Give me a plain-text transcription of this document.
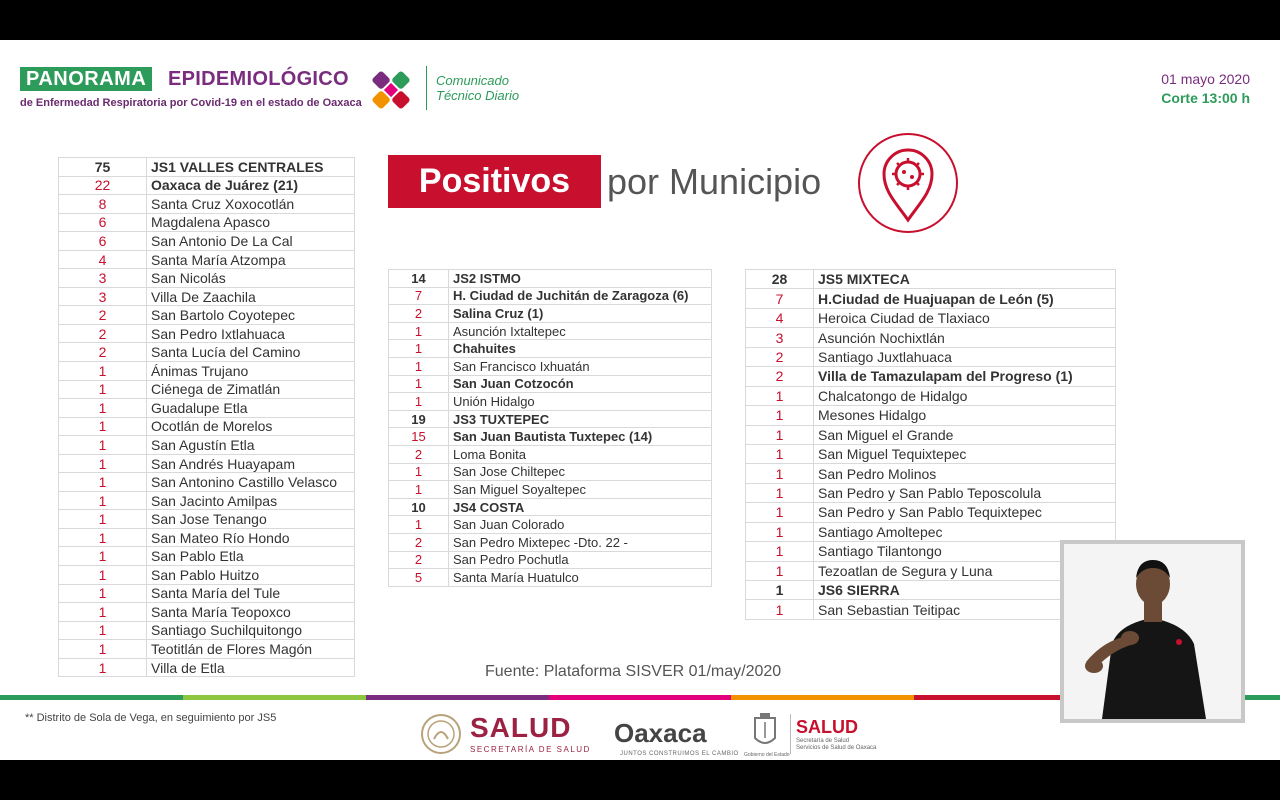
PANORAMA	EPIDEMIOLÓGICO
de Enfermedad Respiratoria por Covid-19 en el estado de Oaxaca
Comunicado
Técnico Diario
01 mayo 2020
Corte 13:00 h
Positivos	por Municipio
75	JS1 VALLES CENTRALES
22	Oaxaca de Juárez (21)
8	Santa Cruz Xoxocotlán
6	Magdalena Apasco
6	San Antonio De La Cal
4	Santa María Atzompa
3	San Nicolás
3	Villa De Zaachila
2	San Bartolo Coyotepec
2	San Pedro Ixtlahuaca
2	Santa Lucía del Camino
1	Ánimas Trujano
1	Ciénega de Zimatlán
1	Guadalupe Etla
1	Ocotlán de Morelos
1	San Agustín Etla
1	San Andrés Huayapam
1	San Antonino Castillo Velasco
1	San Jacinto Amilpas
1	San Jose Tenango
1	San Mateo Río Hondo
1	San Pablo Etla
1	San Pablo Huitzo
1	Santa María del Tule
1	Santa María Teopoxco
1	Santiago Suchilquitongo
1	Teotitlán de Flores Magón
1	Villa de Etla
14	JS2 ISTMO
7	H. Ciudad de Juchitán de Zaragoza (6)
2	Salina Cruz (1)
1	Asunción Ixtaltepec
1	Chahuites
1	San Francisco Ixhuatán
1	San Juan Cotzocón
1	Unión Hidalgo
19	JS3 TUXTEPEC
15	San Juan Bautista Tuxtepec (14)
2	Loma Bonita
1	San Jose Chiltepec
1	San Miguel Soyaltepec
10	JS4 COSTA
1	San Juan Colorado
2	San Pedro Mixtepec -Dto. 22 -
2	San Pedro Pochutla
5	Santa María Huatulco
28	JS5 MIXTECA
7	H.Ciudad de Huajuapan de León (5)
4	Heroica Ciudad de Tlaxiaco
3	Asunción Nochixtlán
2	Santiago Juxtlahuaca
2	Villa de Tamazulapam del Progreso (1)
1	Chalcatongo de Hidalgo
1	Mesones Hidalgo
1	San Miguel el Grande
1	San Miguel Tequixtepec
1	San Pedro Molinos
1	San Pedro y San Pablo Teposcolula
1	San Pedro y San Pablo Tequixtepec
1	Santiago Amoltepec
1	Santiago Tilantongo
1	Tezoatlan de Segura y Luna
1	JS6 SIERRA
1	San Sebastian Teitipac
Fuente: Plataforma SISVER 01/may/2020
** Distrito de Sola de Vega, en seguimiento por JS5	SALUD
SECRETARÍA DE SALUD
Oaxaca
JUNTOS CONSTRUIMOS EL CAMBIO Gobierno del Estado
SALUD
Secretaría de Salud
Servicios de Salud de Oaxaca
